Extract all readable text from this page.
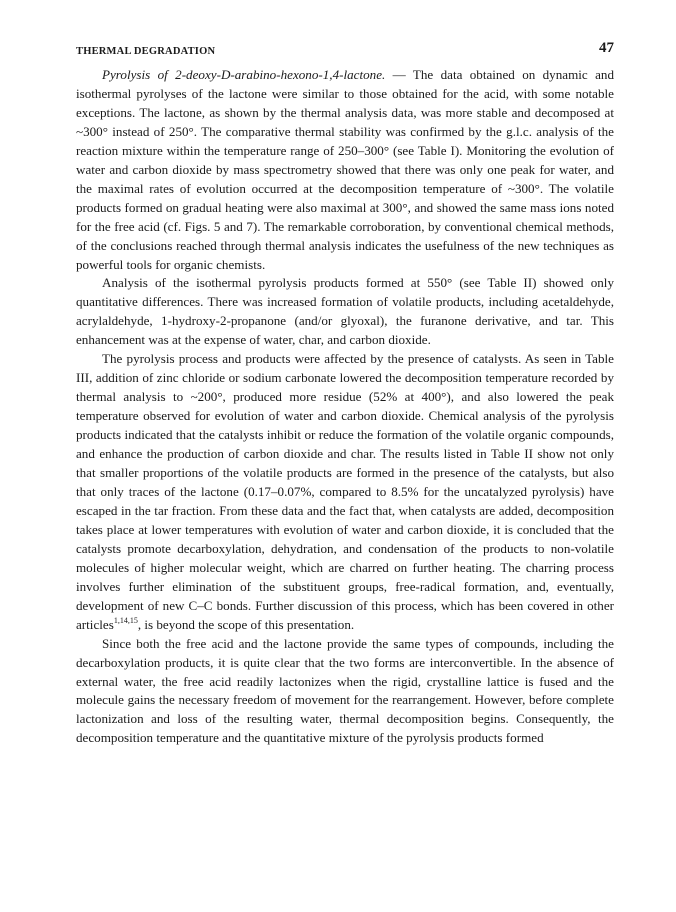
THERMAL DEGRADATION	47

Pyrolysis of 2-deoxy-D-arabino-hexono-1,4-lactone. — The data obtained on dynamic and isothermal pyrolyses of the lactone were similar to those obtained for the acid, with some notable exceptions. The lactone, as shown by the thermal analysis data, was more stable and decomposed at ~300° instead of 250°. The comparative thermal stability was confirmed by the g.l.c. analysis of the reaction mixture within the temperature range of 250–300° (see Table I). Monitoring the evolution of water and carbon dioxide by mass spectrometry showed that there was only one peak for water, and the maximal rates of evolution occurred at the decomposition temperature of ~300°. The volatile products formed on gradual heating were also maximal at 300°, and showed the same mass ions noted for the free acid (cf. Figs. 5 and 7). The remarkable corroboration, by conventional chemical methods, of the conclusions reached through thermal analysis indicates the usefulness of the new techniques as powerful tools for organic chemists.

Analysis of the isothermal pyrolysis products formed at 550° (see Table II) showed only quantitative differences. There was increased formation of volatile products, including acetaldehyde, acrylaldehyde, 1-hydroxy-2-propanone (and/or glyoxal), the furanone derivative, and tar. This enhancement was at the expense of water, char, and carbon dioxide.

The pyrolysis process and products were affected by the presence of catalysts. As seen in Table III, addition of zinc chloride or sodium carbonate lowered the decomposition temperature recorded by thermal analysis to ~200°, produced more residue (52% at 400°), and also lowered the peak temperature observed for evolution of water and carbon dioxide. Chemical analysis of the pyrolysis products indicated that the catalysts inhibit or reduce the formation of the volatile organic compounds, and enhance the production of carbon dioxide and char. The results listed in Table II show not only that smaller proportions of the volatile products are formed in the presence of the catalysts, but also that only traces of the lactone (0.17–0.07%, compared to 8.5% for the uncatalyzed pyrolysis) have escaped in the tar fraction. From these data and the fact that, when catalysts are added, decomposition takes place at lower temperatures with evolution of water and carbon dioxide, it is concluded that the catalysts promote decarboxylation, dehydration, and condensation of the products to non-volatile molecules of higher molecular weight, which are charred on further heating. The charring process involves further elimination of the substituent groups, free-radical formation, and, eventually, development of new C–C bonds. Further discussion of this process, which has been covered in other articles$^{1,14,15}$, is beyond the scope of this presentation.

Since both the free acid and the lactone provide the same types of compounds, including the decarboxylation products, it is quite clear that the two forms are interconvertible. In the absence of external water, the free acid readily lactonizes when the rigid, crystalline lattice is fused and the molecule gains the necessary freedom of movement for the rearrangement. However, before complete lactonization and loss of the resulting water, thermal decomposition begins. Consequently, the decomposition temperature and the quantitative mixture of the pyrolysis products formed
